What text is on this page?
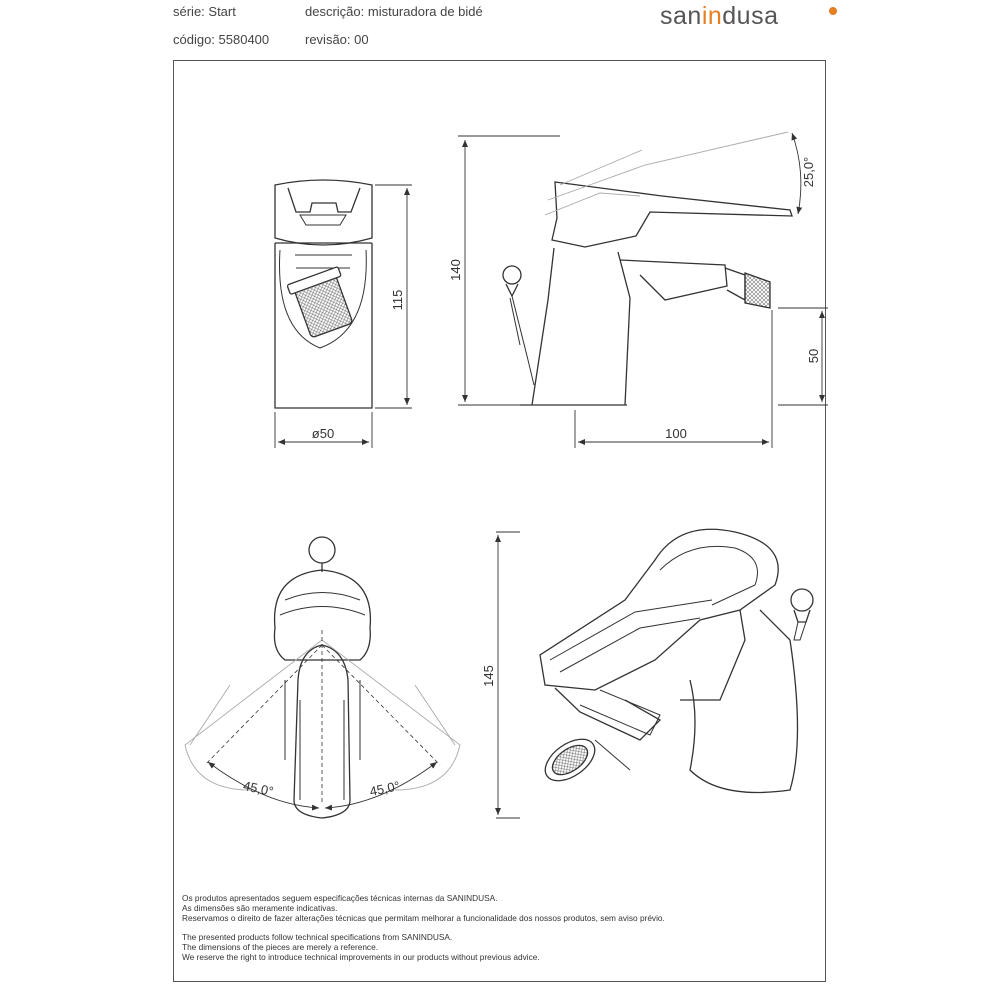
série: Start	descrição: misturadora de bidé
código: 5580400	revisão: 00
sanindusa
115
ø50
140
100
50
25,0°
45,0°	45,0°
145

Os produtos apresentados seguem especificações técnicas internas da SANINDUSA.

As dimensões são meramente indicativas.

Reservamos o direito de fazer alterações técnicas que permitam melhorar a funcionalidade dos nossos produtos, sem aviso prévio.

The presented products follow technical specifications from SANINDUSA.

The dimensions of the pieces are merely a reference.

We reserve the right to introduce technical improvements in our products without previous advice.
